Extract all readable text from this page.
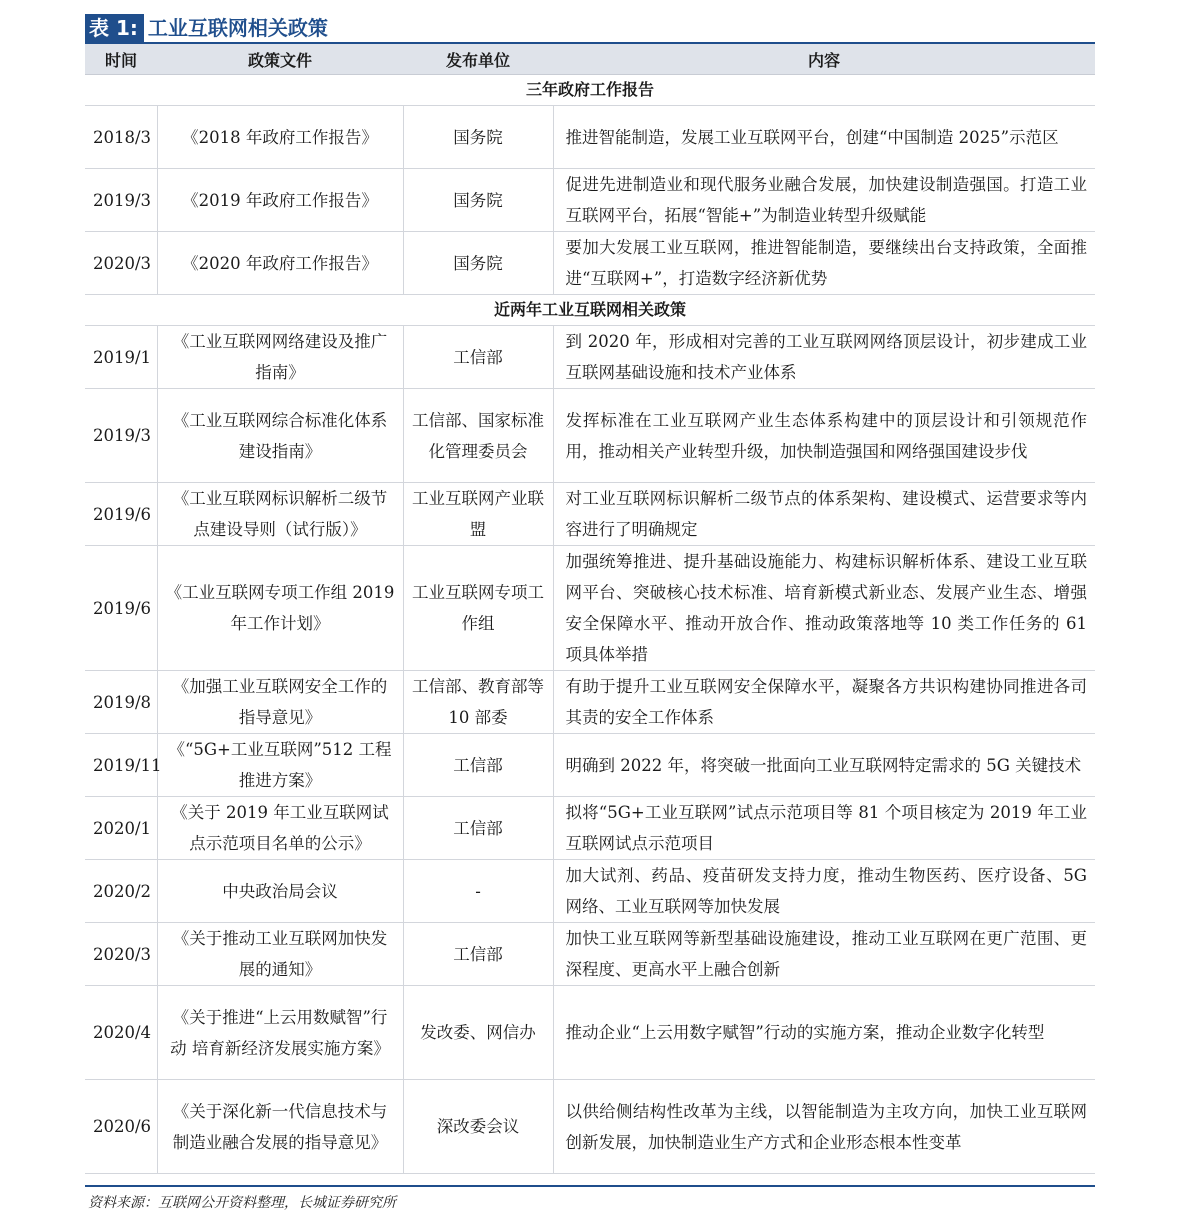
表 1: 工业互联网相关政策
时间	政策文件	发布单位	内容
三年政府工作报告			
2018/3	《2018 年政府工作报告》	国务院	推进智能制造，发展工业互联网平台，创建“中国制造 2025”示范区
2019/3	《2019 年政府工作报告》	国务院	促进先进制造业和现代服务业融合发展，加快建设制造强国。打造工业互联网平台，拓展“智能+”为制造业转型升级赋能
2020/3	《2020 年政府工作报告》	国务院	要加大发展工业互联网，推进智能制造，要继续出台支持政策，全面推进“互联网+”，打造数字经济新优势
近两年工业互联网相关政策			
2019/1	《工业互联网网络建设及推广指南》	工信部	到 2020 年，形成相对完善的工业互联网网络顶层设计，初步建成工业互联网基础设施和技术产业体系
2019/3	《工业互联网综合标准化体系建设指南》	工信部、国家标准化管理委员会	发挥标准在工业互联网产业生态体系构建中的顶层设计和引领规范作用，推动相关产业转型升级，加快制造强国和网络强国建设步伐
2019/6	《工业互联网标识解析二级节点建设导则（试行版）》	工业互联网产业联盟	对工业互联网标识解析二级节点的体系架构、建设模式、运营要求等内容进行了明确规定
2019/6	《工业互联网专项工作组 2019 年工作计划》	工业互联网专项工作组	加强统筹推进、提升基础设施能力、构建标识解析体系、建设工业互联网平台、突破核心技术标准、培育新模式新业态、发展产业生态、增强安全保障水平、推动开放合作、推动政策落地等 10 类工作任务的 61 项具体举措
2019/8	《加强工业互联网安全工作的指导意见》	工信部、教育部等 10 部委	有助于提升工业互联网安全保障水平，凝聚各方共识构建协同推进各司其责的安全工作体系
2019/11	《“5G+工业互联网”512 工程推进方案》	工信部	明确到 2022 年，将突破一批面向工业互联网特定需求的 5G 关键技术
2020/1	《关于 2019 年工业互联网试点示范项目名单的公示》	工信部	拟将“5G+工业互联网”试点示范项目等 81 个项目核定为 2019 年工业互联网试点示范项目
2020/2	中央政治局会议	-	加大试剂、药品、疫苗研发支持力度，推动生物医药、医疗设备、5G 网络、工业互联网等加快发展
2020/3	《关于推动工业互联网加快发展的通知》	工信部	加快工业互联网等新型基础设施建设，推动工业互联网在更广范围、更深程度、更高水平上融合创新
2020/4	《关于推进“上云用数赋智”行动 培育新经济发展实施方案》	发改委、网信办	推动企业“上云用数字赋智”行动的实施方案，推动企业数字化转型
2020/6	《关于深化新一代信息技术与制造业融合发展的指导意见》	深改委会议	以供给侧结构性改革为主线，以智能制造为主攻方向，加快工业互联网创新发展，加快制造业生产方式和企业形态根本性变革
资料来源：互联网公开资料整理，长城证券研究所
